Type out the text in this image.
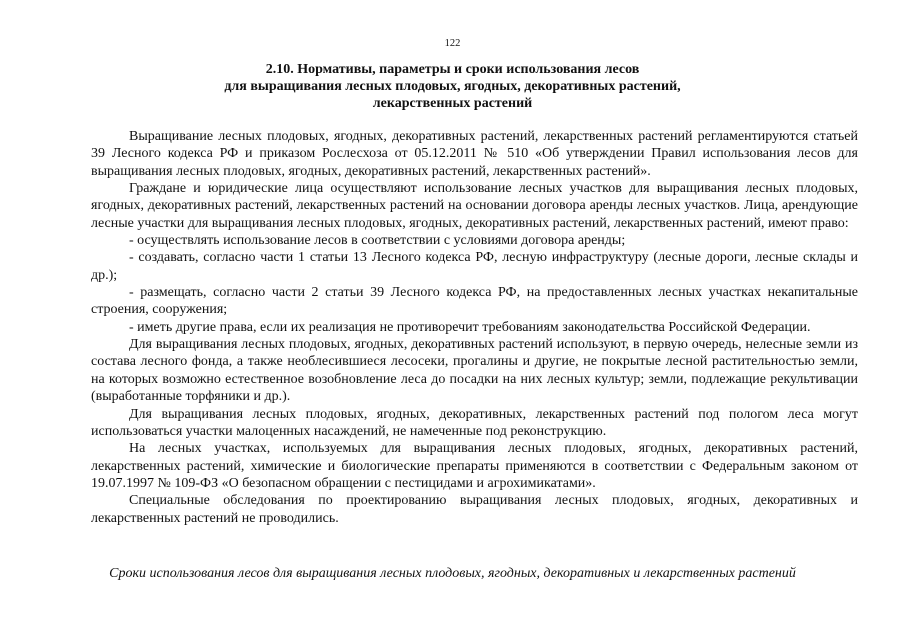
122
2.10. Нормативы, параметры и сроки использования лесов
для выращивания лесных плодовых, ягодных, декоративных растений,
лекарственных растений

Выращивание лесных плодовых, ягодных, декоративных растений, лекарственных растений регламентируются статьей 39 Лесного кодекса РФ и приказом Рослесхоза от 05.12.2011 № 510 «Об утверждении Правил использования лесов для выращивания лесных плодовых, ягодных, декоративных растений, лекарственных растений».

Граждане и юридические лица осуществляют использование лесных участков для выращивания лесных плодовых, ягодных, декоративных растений, лекарственных растений на основании договора аренды лесных участков. Лица, арендующие лесные участки для выращивания лесных плодовых, ягодных, декоративных растений, лекарственных растений, имеют право:

- осуществлять использование лесов в соответствии с условиями договора аренды;

- создавать, согласно части 1 статьи 13 Лесного кодекса РФ, лесную инфраструктуру (лесные дороги, лесные склады и др.);

- размещать, согласно части 2 статьи 39 Лесного кодекса РФ, на предоставленных лесных участках некапитальные строения, сооружения;

- иметь другие права, если их реализация не противоречит требованиям законодательства Российской Федерации.

Для выращивания лесных плодовых, ягодных, декоративных растений используют, в первую очередь, нелесные земли из состава лесного фонда, а также необлесившиеся лесосеки, прогалины и другие, не покрытые лесной растительностью земли, на которых возможно естественное возобновление леса до посадки на них лесных культур; земли, подлежащие рекультивации (выработанные торфяники и др.).

Для выращивания лесных плодовых, ягодных, декоративных, лекарственных растений под пологом леса могут использоваться участки малоценных насаждений, не намеченные под реконструкцию.

На лесных участках, используемых для выращивания лесных плодовых, ягодных, декоративных растений, лекарственных растений, химические и биологические препараты применяются в соответствии с Федеральным законом от 19.07.1997 № 109-ФЗ «О безопасном обращении с пестицидами и агрохимикатами».

Специальные обследования по проектированию выращивания лесных плодовых, ягодных, декоративных и лекарственных растений не проводились.

Сроки использования лесов для выращивания лесных плодовых, ягодных, декоративных и лекарственных растений
